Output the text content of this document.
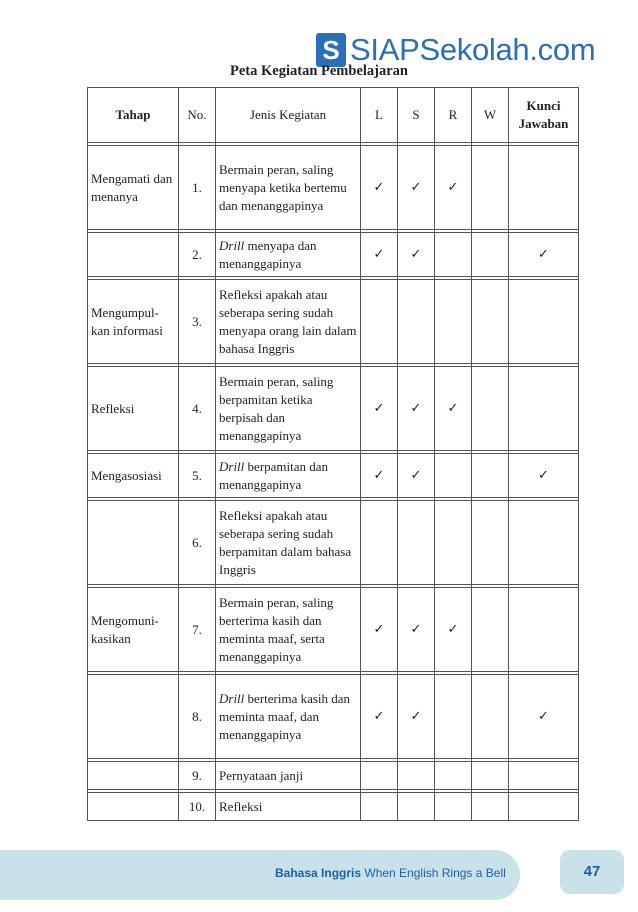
S SIAPSekolah.com
Peta Kegiatan Pembelajaran
Tahap	No.	Jenis Kegiatan	L	S	R	W	Kunci Jawaban

Mengamati dan menanya	1.	Bermain peran, saling menyapa ketika bertemu dan menanggapinya	✓	✓	✓		

	2.	Drill menyapa dan menanggapinya	✓	✓			✓

Mengumpul-kan informasi	3.	Refleksi apakah atau seberapa sering sudah menyapa orang lain dalam bahasa Inggris					

Refleksi	4.	Bermain peran, saling berpamitan ketika berpisah dan menanggapinya	✓	✓	✓		

Mengasosiasi	5.	Drill berpamitan dan menanggapinya	✓	✓			✓

	6.	Refleksi apakah atau seberapa sering sudah berpamitan dalam bahasa Inggris					

Mengomuni-kasikan	7.	Bermain peran, saling berterima kasih dan meminta maaf, serta menanggapinya	✓	✓	✓		

	8.	Drill berterima kasih dan meminta maaf, dan menanggapinya	✓	✓			✓

	9.	Pernyataan janji					

	10.	Refleksi					
Bahasa Inggris When English Rings a Bell	47
